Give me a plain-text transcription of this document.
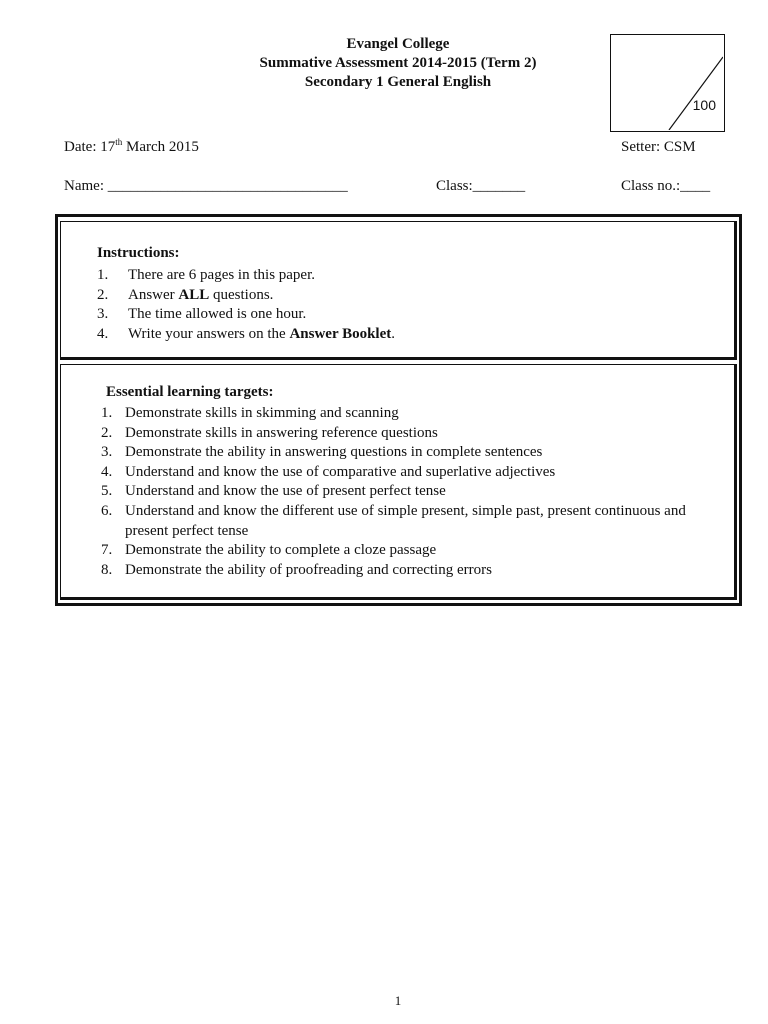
Evangel College
Summative Assessment 2014-2015 (Term 2)
Secondary 1 General English
100
Date: 17th March 2015	Setter: CSM
Name: ________________________________	Class:_______	Class no.:____
Instructions:
1. There are 6 pages in this paper.
2. Answer ALL questions.
3. The time allowed is one hour.
4. Write your answers on the Answer Booklet.
Essential learning targets:
1. Demonstrate skills in skimming and scanning
2. Demonstrate skills in answering reference questions
3. Demonstrate the ability in answering questions in complete sentences
4. Understand and know the use of comparative and superlative adjectives
5. Understand and know the use of present perfect tense
6. Understand and know the different use of simple present, simple past, present continuous and present perfect tense
7. Demonstrate the ability to complete a cloze passage
8. Demonstrate the ability of proofreading and correcting errors
1
